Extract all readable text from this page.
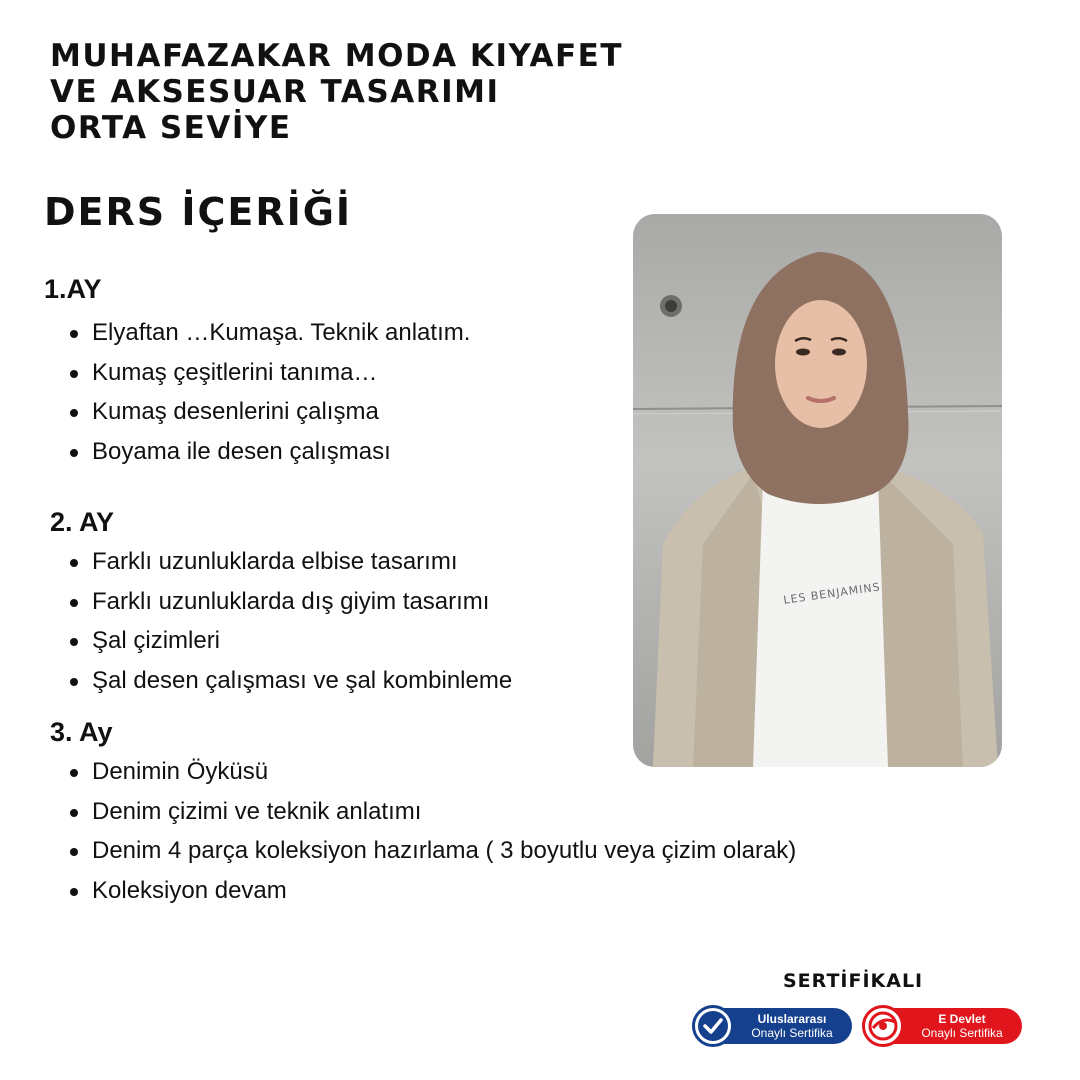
MUHAFAZAKAR MODA KIYAFET
VE AKSESUAR TASARIMI
ORTA SEVİYE
DERS İÇERİĞİ
1.AY
Elyaftan …Kumaşa. Teknik anlatım.
Kumaş çeşitlerini tanıma…
Kumaş desenlerini çalışma
Boyama ile desen çalışması
2. AY
Farklı uzunluklarda elbise tasarımı
Farklı uzunluklarda dış giyim tasarımı
Şal çizimleri
Şal desen çalışması ve şal kombinleme
3. Ay
Denimin Öyküsü
Denim çizimi ve teknik anlatımı
Denim 4 parça koleksiyon hazırlama ( 3 boyutlu veya çizim olarak)
Koleksiyon devam
LES BENJAMINS
SERTİFİKALI
Uluslararası
Onaylı Sertifika
E Devlet
Onaylı Sertifika
